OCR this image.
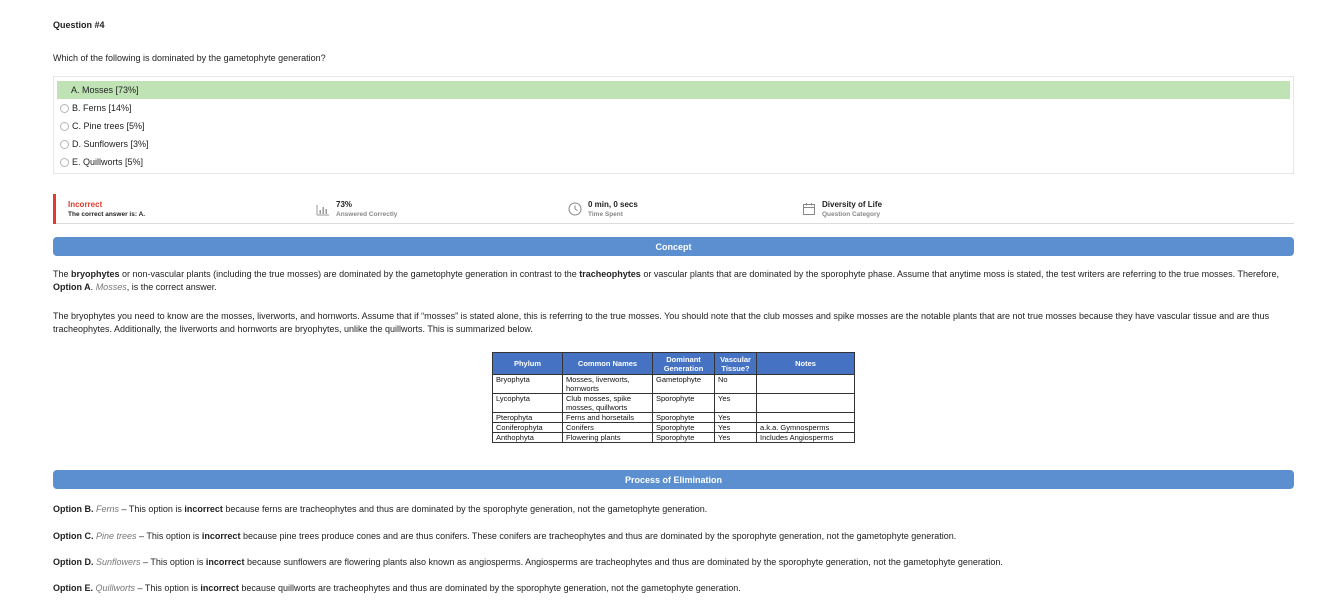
Question #4
Which of the following is dominated by the gametophyte generation?
A. Mosses [73%]
B. Ferns [14%]
C. Pine trees [5%]
D. Sunflowers [3%]
E. Quillworts [5%]
Incorrect
The correct answer is: A.
73%
Answered Correctly
0 min, 0 secs
Time Spent
Diversity of Life
Question Category
Concept
The bryophytes or non-vascular plants (including the true mosses) are dominated by the gametophyte generation in contrast to the tracheophytes or vascular plants that are dominated by the sporophyte phase. Assume that anytime moss is stated, the test writers are referring to the true mosses. Therefore, Option A. Mosses, is the correct answer.
The bryophytes you need to know are the mosses, liverworts, and hornworts. Assume that if “mosses” is stated alone, this is referring to the true mosses. You should note that the club mosses and spike mosses are the notable plants that are not true mosses because they have vascular tissue and are thus tracheophytes. Additionally, the liverworts and hornworts are bryophytes, unlike the quillworts. This is summarized below.
Phylum	Common Names	Dominant Generation	Vascular Tissue?	Notes
Bryophyta	Mosses, liverworts, hornworts	Gametophyte	No	
Lycophyta	Club mosses, spike mosses, quillworts	Sporophyte	Yes	
Pterophyta	Ferns and horsetails	Sporophyte	Yes	
Coniferophyta	Conifers	Sporophyte	Yes	a.k.a. Gymnosperms
Anthophyta	Flowering plants	Sporophyte	Yes	Includes Angiosperms
Process of Elimination
Option B. Ferns – This option is incorrect because ferns are tracheophytes and thus are dominated by the sporophyte generation, not the gametophyte generation.
Option C. Pine trees – This option is incorrect because pine trees produce cones and are thus conifers. These conifers are tracheophytes and thus are dominated by the sporophyte generation, not the gametophyte generation.
Option D. Sunflowers – This option is incorrect because sunflowers are flowering plants also known as angiosperms. Angiosperms are tracheophytes and thus are dominated by the sporophyte generation, not the gametophyte generation.
Option E. Quillworts – This option is incorrect because quillworts are tracheophytes and thus are dominated by the sporophyte generation, not the gametophyte generation.
